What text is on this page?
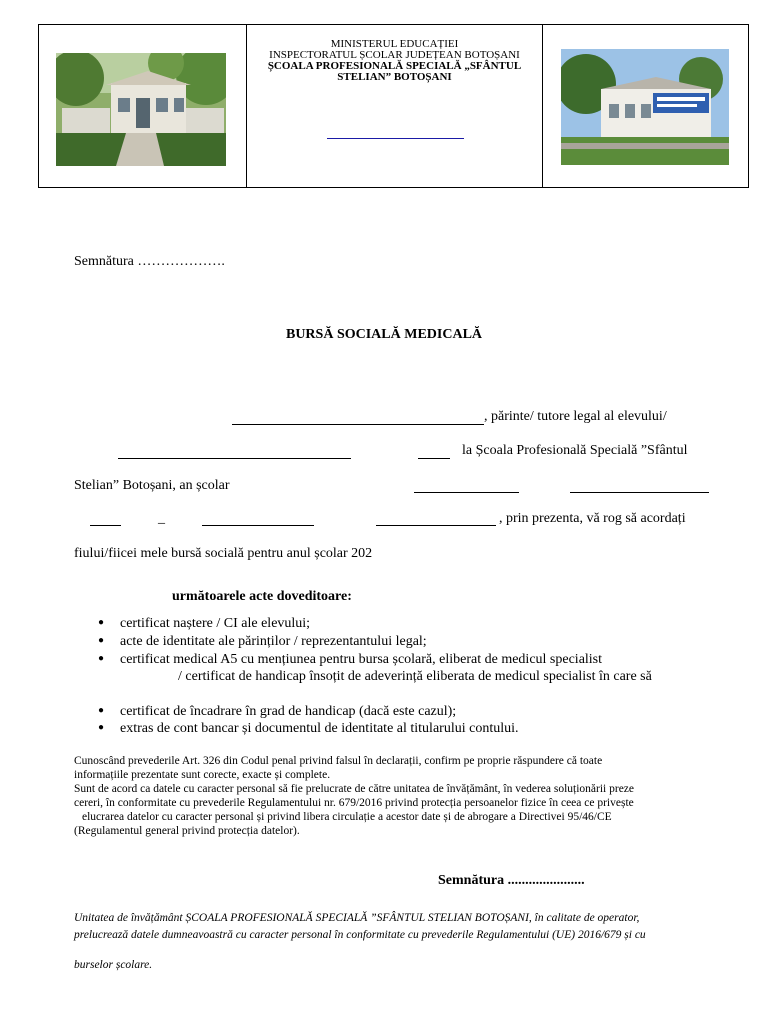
MINISTERUL EDUCAȚIEI
INSPECTORATUL ȘCOLAR JUDEȚEAN BOTOȘANI
ȘCOALA PROFESIONALĂ SPECIALĂ „SFÂNTUL
STELIAN” BOTOȘANI
Semnătura ……………….
BURSĂ SOCIALĂ MEDICALĂ
, părinte/ tutore legal al elevului/
la Școala Profesională Specială ”Sfântul
Stelian” Botoșani, an școlar
_	, prin prezenta, vă rog să acordați
fiului/fiicei mele bursă socială pentru anul școlar 202
următoarele acte doveditoare:
● certificat naștere / CI ale elevului;
● acte de identitate ale părinților / reprezentantului legal;
● certificat medical A5 cu mențiunea pentru bursa școlară, eliberat de medicul specialist
/ certificat de handicap însoțit de adeverință eliberata de medicul specialist în care să
● certificat de încadrare în grad de handicap (dacă este cazul);
● extras de cont bancar și documentul de identitate al titularului contului.
Cunoscând prevederile Art. 326 din Codul penal privind falsul în declarații, confirm pe proprie răspundere că toate
informațiile prezentate sunt corecte, exacte și complete.
Sunt de acord ca datele cu caracter personal să fie prelucrate de către unitatea de învățământ, în vederea soluționării preze
cereri, în conformitate cu prevederile Regulamentului nr. 679/2016 privind protecția persoanelor fizice în ceea ce privește
elucrarea datelor cu caracter personal și privind libera circulație a acestor date și de abrogare a Directivei 95/46/CE
(Regulamentul general privind protecția datelor).
Semnătura ......................
Unitatea de învățământ ȘCOALA PROFESIONALĂ SPECIALĂ ”SFÂNTUL STELIAN BOTOȘANI, în calitate de operator,
prelucrează datele dumneavoastră cu caracter personal în conformitate cu prevederile Regulamentului (UE) 2016/679 și cu
burselor școlare.
